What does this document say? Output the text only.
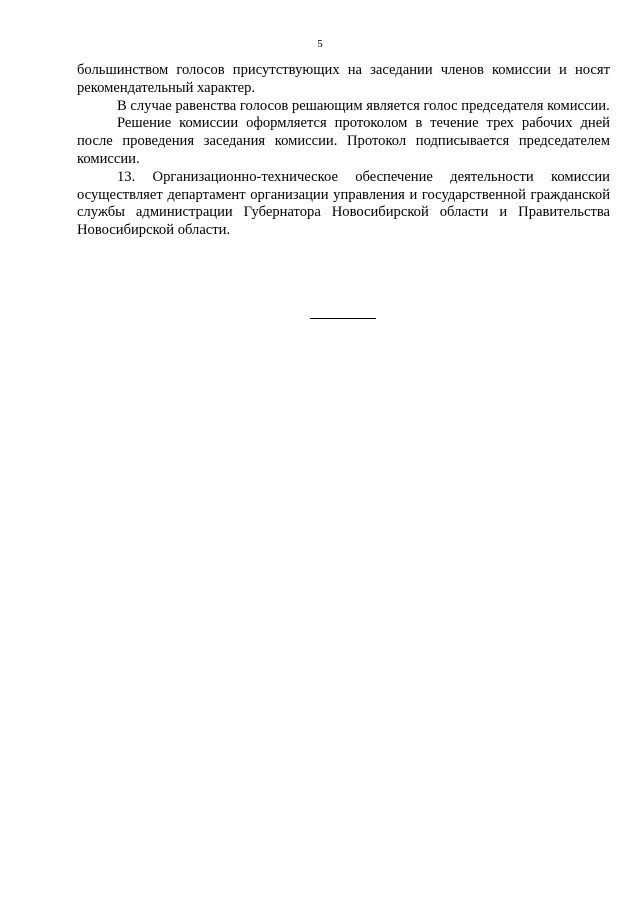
5

большинством голосов присутствующих на заседании членов комиссии и носят рекомендательный характер.

В случае равенства голосов решающим является голос председателя комиссии.

Решение комиссии оформляется протоколом в течение трех рабочих дней после проведения заседания комиссии. Протокол подписывается председателем комиссии.

13. Организационно-техническое обеспечение деятельности комиссии осуществляет департамент организации управления и государственной гражданской службы администрации Губернатора Новосибирской области и Правительства Новосибирской области.
